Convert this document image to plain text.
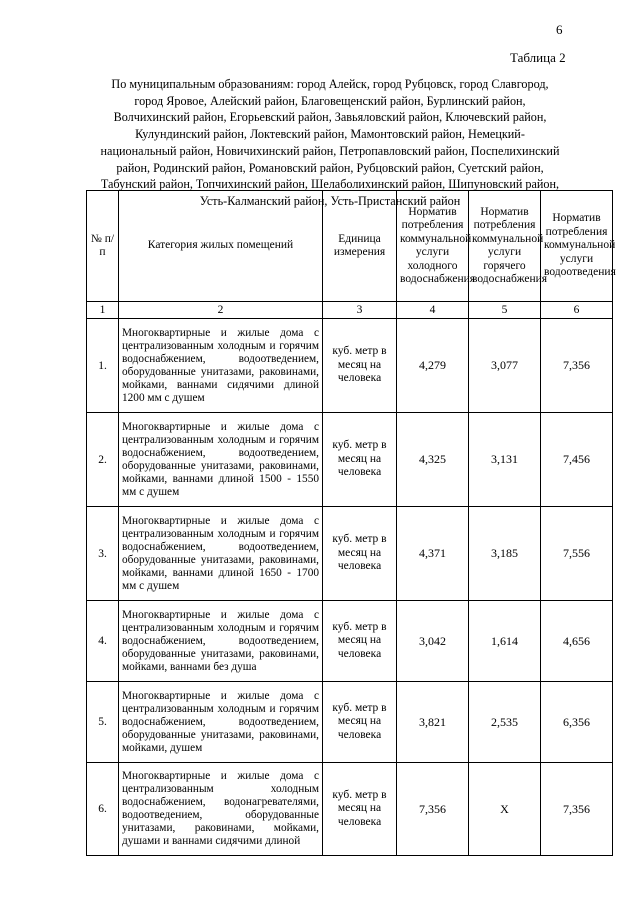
6
Таблица 2
По муниципальным образованиям: город Алейск, город Рубцовск, город Славгород, город Яровое, Алейский район, Благовещенский район, Бурлинский район, Волчихинский район, Егорьевский район, Завьяловский район, Ключевский район, Кулундинский район, Локтевский район, Мамонтовский район, Немецкий-национальный район, Новичихинский район, Петропавловский район, Поспелихинский район, Родинский район, Романовский район, Рубцовский район, Суетский район, Табунский район, Топчихинский район, Шелаболихинский район, Шипуновский район, Усть-Калманский район, Усть-Пристанский район
№ п/п	Категория жилых помещений	Единица измерения	Норматив потребления коммунальной услуги холодного водоснабжения	Норматив потребления коммунальной услуги горячего водоснабжения	Норматив потребления коммунальной услуги водоотведения
1	2	3	4	5	6
1.	Многоквартирные и жилые дома с централизованным холодным и горячим водоснабжением, водоотведением, оборудованные унитазами, раковинами, мойками, ваннами сидячими длиной 1200 мм с душем	куб. метр в месяц на человека	4,279	3,077	7,356
2.	Многоквартирные и жилые дома с централизованным холодным и горячим водоснабжением, водоотведением, оборудованные унитазами, раковинами, мойками, ваннами длиной 1500 - 1550 мм с душем	куб. метр в месяц на человека	4,325	3,131	7,456
3.	Многоквартирные и жилые дома с централизованным холодным и горячим водоснабжением, водоотведением, оборудованные унитазами, раковинами, мойками, ваннами длиной 1650 - 1700 мм с душем	куб. метр в месяц на человека	4,371	3,185	7,556
4.	Многоквартирные и жилые дома с централизованным холодным и горячим водоснабжением, водоотведением, оборудованные унитазами, раковинами, мойками, ваннами без душа	куб. метр в месяц на человека	3,042	1,614	4,656
5.	Многоквартирные и жилые дома с централизованным холодным и горячим водоснабжением, водоотведением, оборудованные унитазами, раковинами, мойками, душем	куб. метр в месяц на человека	3,821	2,535	6,356
6.	Многоквартирные и жилые дома с централизованным холодным водоснабжением, водонагревателями, водоотведением, оборудованные унитазами, раковинами, мойками, душами и ваннами сидячими длиной	куб. метр в месяц на человека	7,356	Х	7,356
